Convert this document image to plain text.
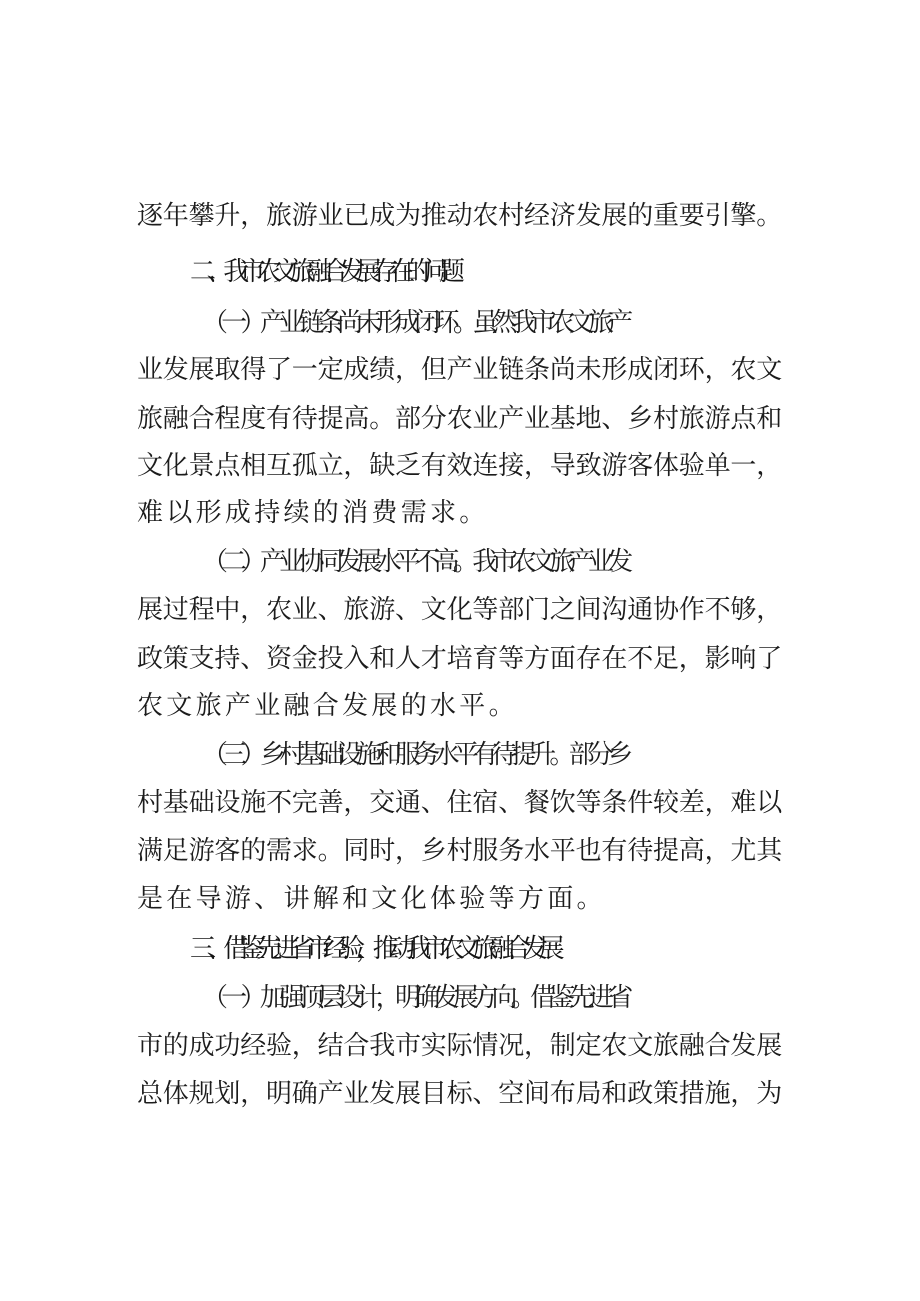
逐年攀升，旅游业已成为推动农村经济发展的重要引擎。
二、我市农文旅融合发展存在的问题
（一）产业链条尚未形成闭环。虽然我市农文旅产
业发展取得了一定成绩，但产业链条尚未形成闭环，农文
旅融合程度有待提高。部分农业产业基地、乡村旅游点和
文化景点相互孤立，缺乏有效连接，导致游客体验单一，
难以形成持续的消费需求。
（二）产业协同发展水平不高。我市农文旅产业发
展过程中，农业、旅游、文化等部门之间沟通协作不够，
政策支持、资金投入和人才培育等方面存在不足，影响了
农文旅产业融合发展的水平。
（三）乡村基础设施和服务水平有待提升。部分乡
村基础设施不完善，交通、住宿、餐饮等条件较差，难以
满足游客的需求。同时，乡村服务水平也有待提高，尤其
是在导游、讲解和文化体验等方面。
三、借鉴先进省市经验，推动我市农文旅融合发展
（一）加强顶层设计，明确发展方向。借鉴先进省
市的成功经验，结合我市实际情况，制定农文旅融合发展
总体规划，明确产业发展目标、空间布局和政策措施，为
